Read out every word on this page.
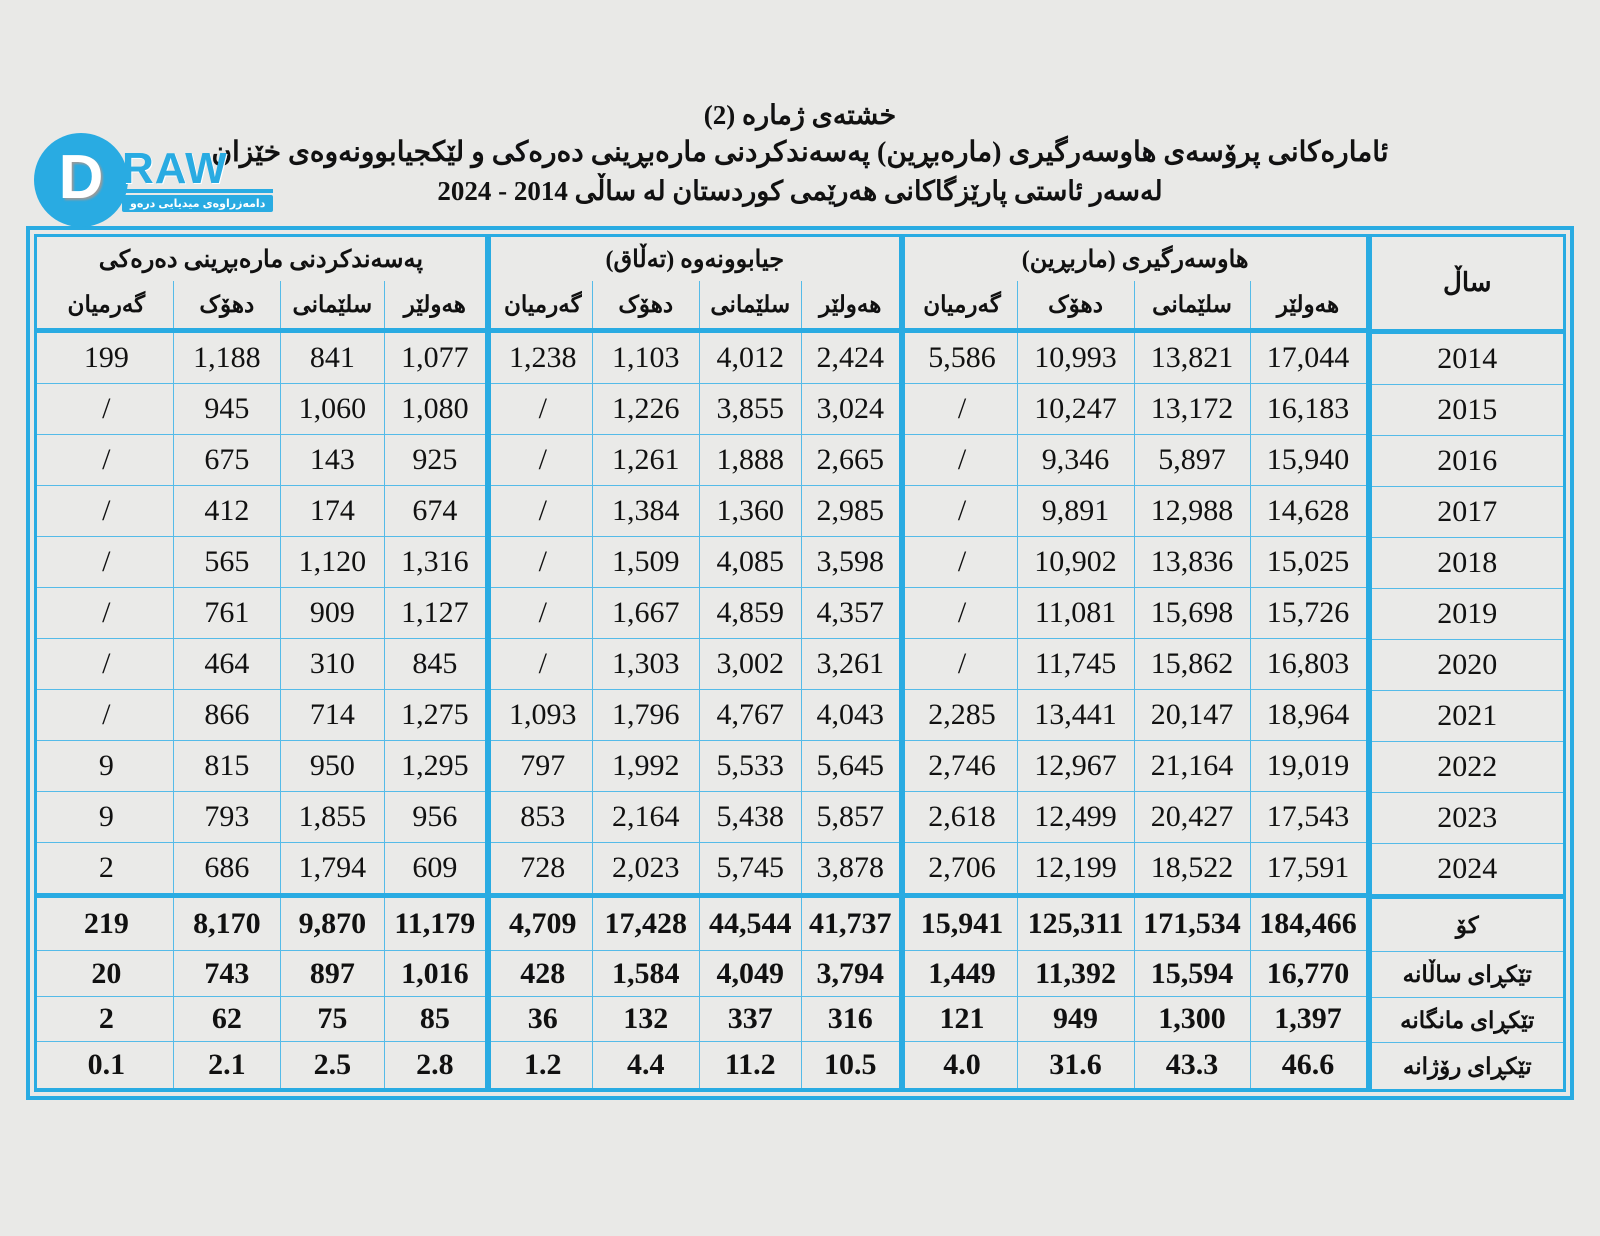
D RAW
دامەزراوەی میدیایی درەو
خشتەی ژماره (2)
ئامارەکانی پرۆسەی هاوسەرگیری (مارەبڕین) پەسەندکردنی مارەبڕینی دەرەکی و لێکجیابوونەوەی خێزان
لەسەر ئاستی پارێزگاکانی هەرێمی کوردستان لە ساڵی 2014 - 2024
ساڵ
2014
2015
2016
2017
2018
2019
2020
2021
2022
2023
2024
کۆ
تێکڕای ساڵانە
تێکڕای مانگانە
تێکڕای رۆژانە
هاوسەرگیری (ماربڕین)
هەولێر
سلێمانی
دهۆک
گەرمیان
17,044
13,821
10,993
5,586
16,183
13,172
10,247
/
15,940
5,897
9,346
/
14,628
12,988
9,891
/
15,025
13,836
10,902
/
15,726
15,698
11,081
/
16,803
15,862
11,745
/
18,964
20,147
13,441
2,285
19,019
21,164
12,967
2,746
17,543
20,427
12,499
2,618
17,591
18,522
12,199
2,706
184,466
171,534
125,311
15,941
16,770
15,594
11,392
1,449
1,397
1,300
949
121
46.6
43.3
31.6
4.0
جیابوونەوە (تەڵاق)
هەولێر
سلێمانی
دهۆک
گەرمیان
2,424
4,012
1,103
1,238
3,024
3,855
1,226
/
2,665
1,888
1,261
/
2,985
1,360
1,384
/
3,598
4,085
1,509
/
4,357
4,859
1,667
/
3,261
3,002
1,303
/
4,043
4,767
1,796
1,093
5,645
5,533
1,992
797
5,857
5,438
2,164
853
3,878
5,745
2,023
728
41,737
44,544
17,428
4,709
3,794
4,049
1,584
428
316
337
132
36
10.5
11.2
4.4
1.2
پەسەندکردنی مارەبڕینی دەرەکی
هەولێر
سلێمانی
دهۆک
گەرمیان
1,077
841
1,188
199
1,080
1,060
945
/
925
143
675
/
674
174
412
/
1,316
1,120
565
/
1,127
909
761
/
845
310
464
/
1,275
714
866
/
1,295
950
815
9
956
1,855
793
9
609
1,794
686
2
11,179
9,870
8,170
219
1,016
897
743
20
85
75
62
2
2.8
2.5
2.1
0.1
